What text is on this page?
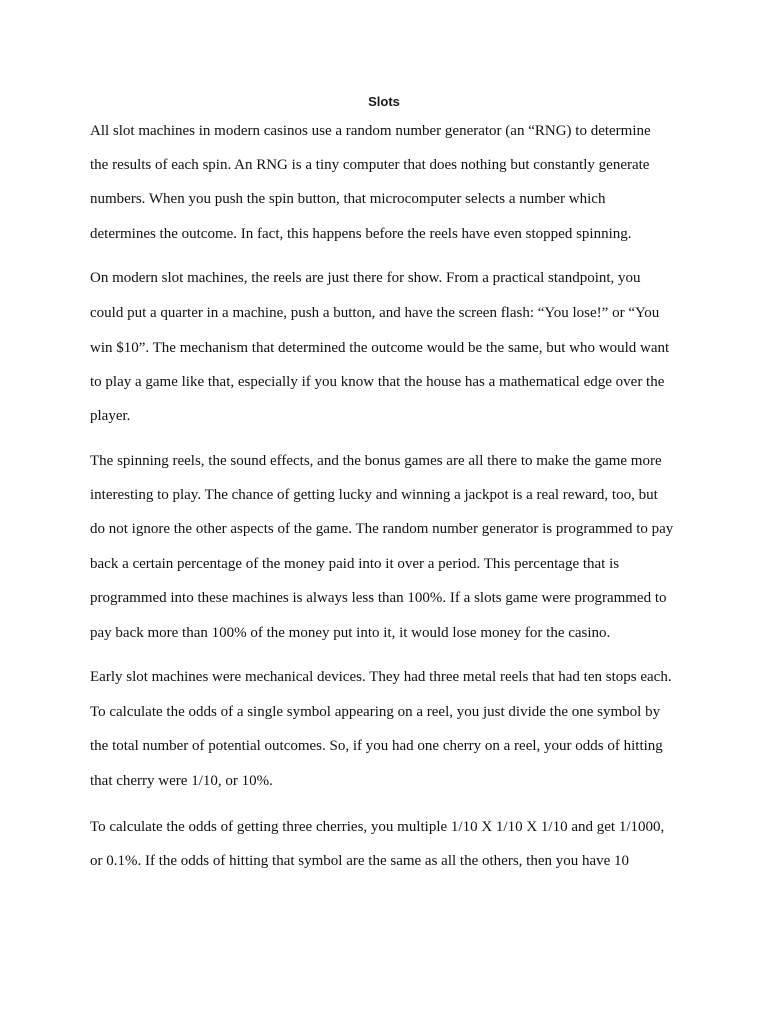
Slots
All slot machines in modern casinos use a random number generator (an “RNG) to determine
the results of each spin. An RNG is a tiny computer that does nothing but constantly generate
numbers. When you push the spin button, that microcomputer selects a number which
determines the outcome. In fact, this happens before the reels have even stopped spinning.
On modern slot machines, the reels are just there for show. From a practical standpoint, you
could put a quarter in a machine, push a button, and have the screen flash: “You lose!” or “You
win $10”. The mechanism that determined the outcome would be the same, but who would want
to play a game like that, especially if you know that the house has a mathematical edge over the
player.
The spinning reels, the sound effects, and the bonus games are all there to make the game more
interesting to play. The chance of getting lucky and winning a jackpot is a real reward, too, but
do not ignore the other aspects of the game. The random number generator is programmed to pay
back a certain percentage of the money paid into it over a period. This percentage that is
programmed into these machines is always less than 100%. If a slots game were programmed to
pay back more than 100% of the money put into it, it would lose money for the casino.
Early slot machines were mechanical devices. They had three metal reels that had ten stops each.
To calculate the odds of a single symbol appearing on a reel, you just divide the one symbol by
the total number of potential outcomes. So, if you had one cherry on a reel, your odds of hitting
that cherry were 1/10, or 10%.
To calculate the odds of getting three cherries, you multiple 1/10 X 1/10 X 1/10 and get 1/1000,
or 0.1%. If the odds of hitting that symbol are the same as all the others, then you have 10
